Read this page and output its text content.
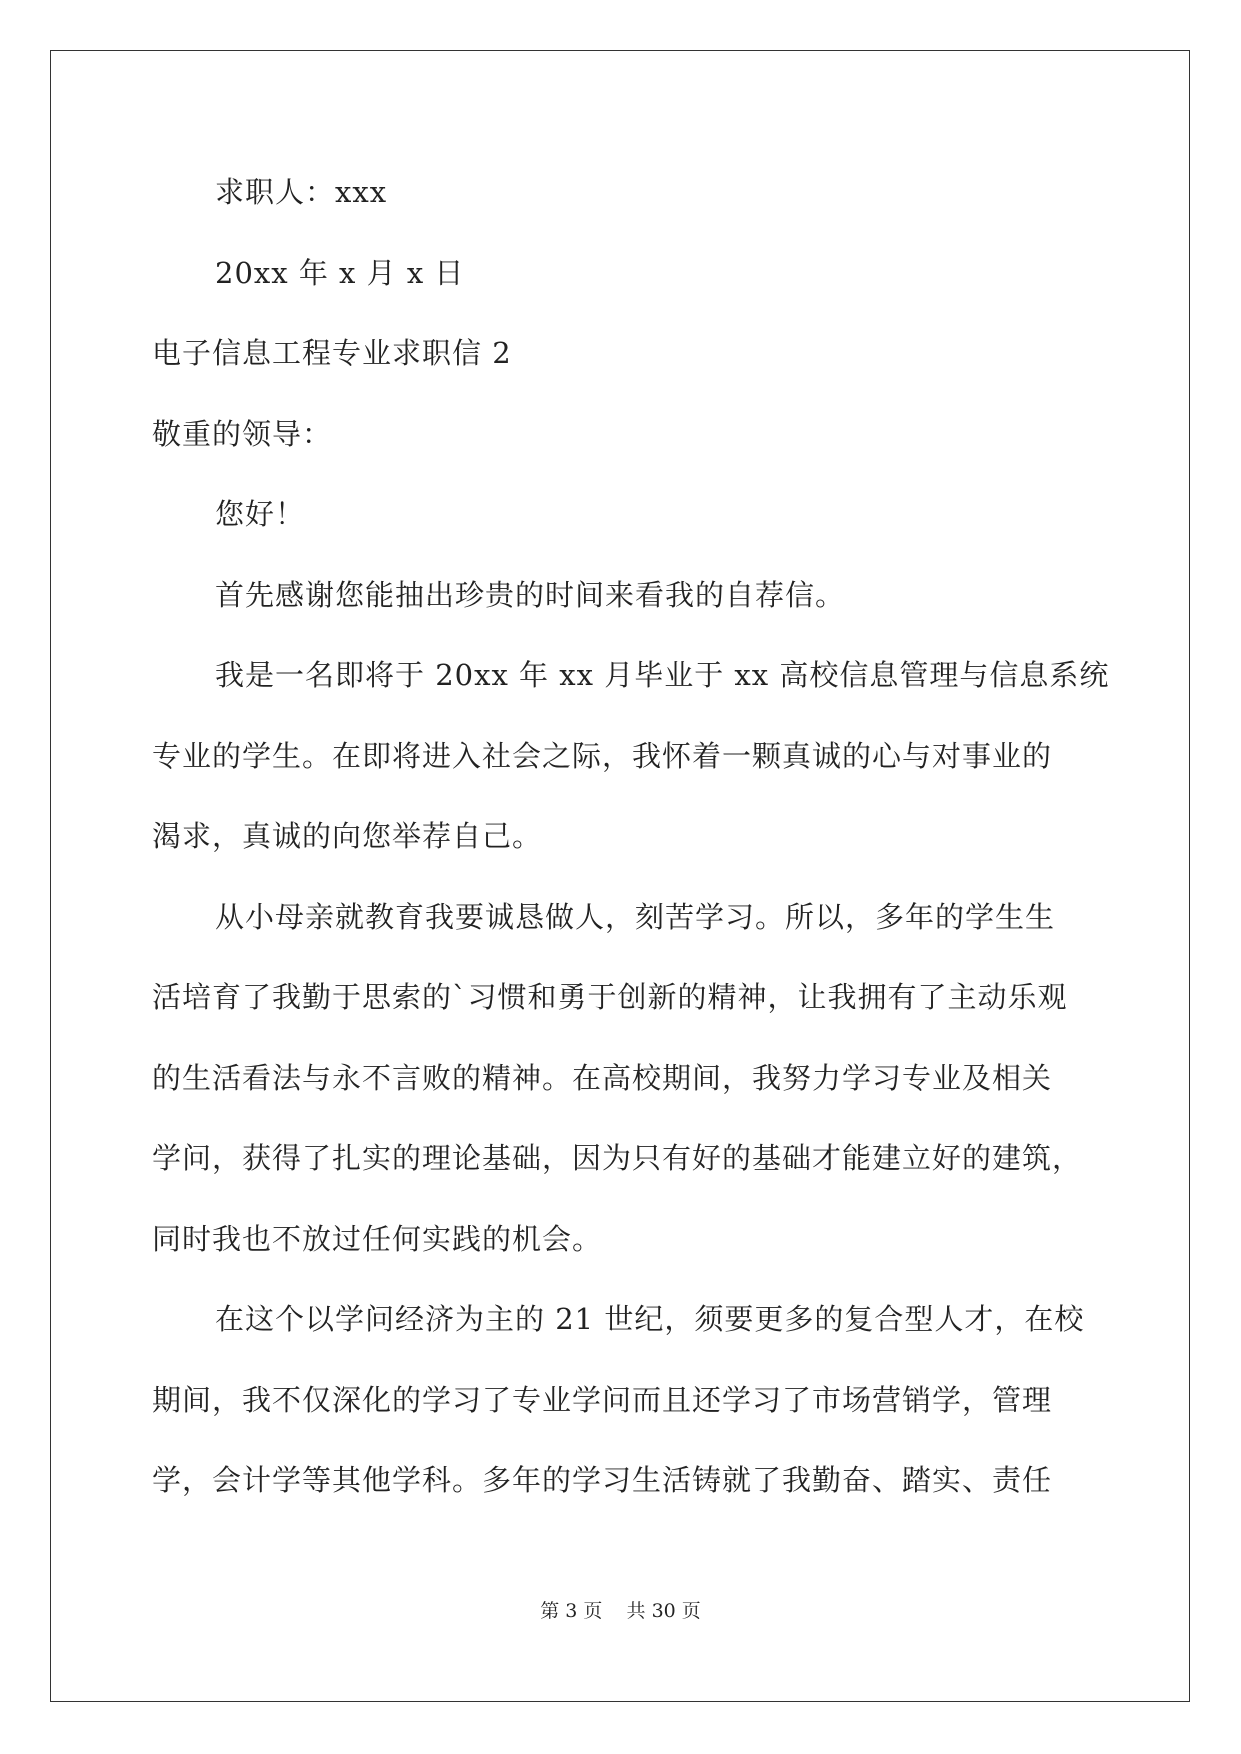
求职人：xxx
20xx 年 x 月 x 日
电子信息工程专业求职信 2
敬重的领导：
您好！
首先感谢您能抽出珍贵的时间来看我的自荐信。
我是一名即将于 20xx 年 xx 月毕业于 xx 高校信息管理与信息系统
专业的学生。在即将进入社会之际，我怀着一颗真诚的心与对事业的
渴求，真诚的向您举荐自己。
从小母亲就教育我要诚恳做人，刻苦学习。所以，多年的学生生
活培育了我勤于思索的`习惯和勇于创新的精神，让我拥有了主动乐观
的生活看法与永不言败的精神。在高校期间，我努力学习专业及相关
学问，获得了扎实的理论基础，因为只有好的基础才能建立好的建筑，
同时我也不放过任何实践的机会。
在这个以学问经济为主的 21 世纪，须要更多的复合型人才，在校
期间，我不仅深化的学习了专业学问而且还学习了市场营销学，管理
学，会计学等其他学科。多年的学习生活铸就了我勤奋、踏实、责任
第 3 页 共 30 页
